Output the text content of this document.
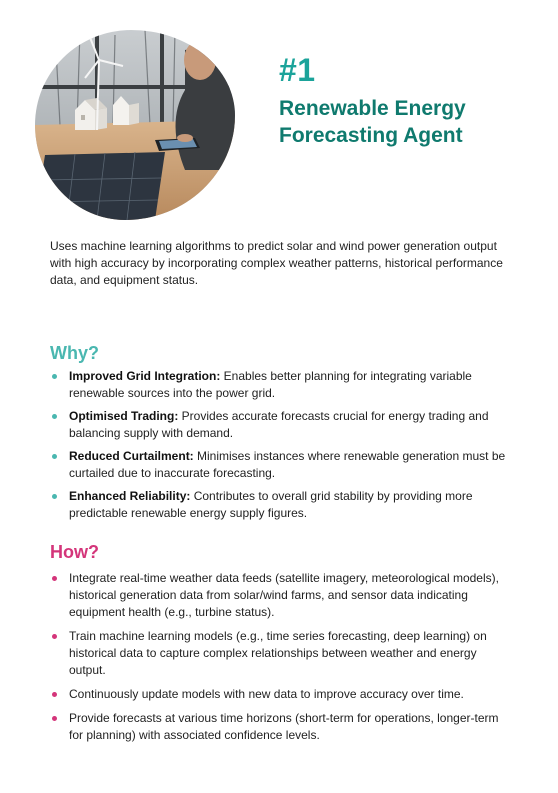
#1
Renewable Energy
Forecasting Agent

Uses machine learning algorithms to predict solar and wind power generation output with high accuracy by incorporating complex weather patterns, historical performance data, and equipment status.

Why?
Improved Grid Integration: Enables better planning for integrating variable renewable sources into the power grid.
Optimised Trading: Provides accurate forecasts crucial for energy trading and balancing supply with demand.
Reduced Curtailment: Minimises instances where renewable generation must be curtailed due to inaccurate forecasting.
Enhanced Reliability: Contributes to overall grid stability by providing more predictable renewable energy supply figures.
How?
Integrate real-time weather data feeds (satellite imagery, meteorological models), historical generation data from solar/wind farms, and sensor data indicating equipment health (e.g., turbine status).
Train machine learning models (e.g., time series forecasting, deep learning) on historical data to capture complex relationships between weather and energy output.
Continuously update models with new data to improve accuracy over time.
Provide forecasts at various time horizons (short-term for operations, longer-term for planning) with associated confidence levels.
